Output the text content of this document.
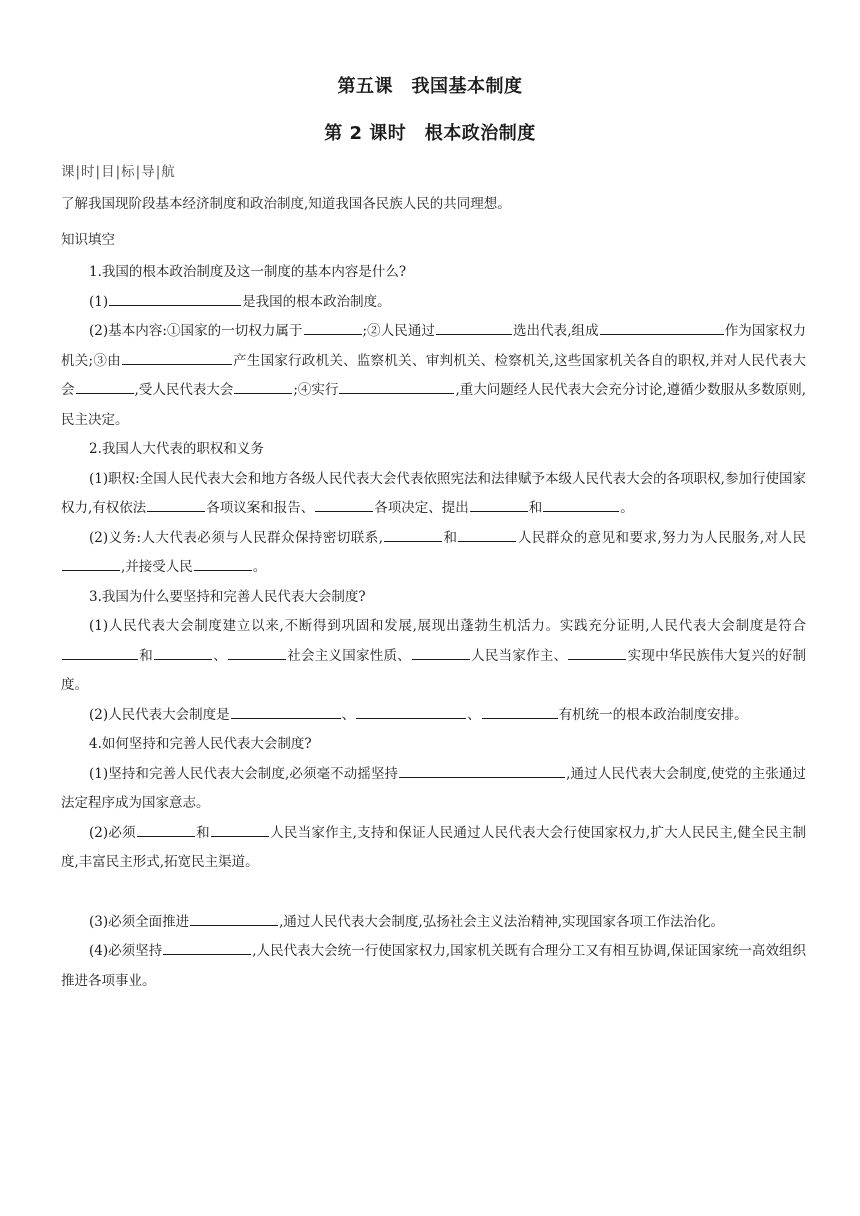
第五课　我国基本制度
第 2 课时　根本政治制度
课|时|目|标|导|航
了解我国现阶段基本经济制度和政治制度,知道我国各民族人民的共同理想。
知识填空

1.我国的根本政治制度及这一制度的基本内容是什么?

(1)	是我国的根本政治制度。

(2)基本内容:①国家的一切权力属于	;②人民通过	选出代表,组成	作为国家权力机关;③由	产生国家行政机关、监察机关、审判机关、检察机关,这些国家机关各自的职权,并对人民代表大会	,受人民代表大会	;④实行	,重大问题经人民代表大会充分讨论,遵循少数服从多数原则,民主决定。

2.我国人大代表的职权和义务

(1)职权:全国人民代表大会和地方各级人民代表大会代表依照宪法和法律赋予本级人民代表大会的各项职权,参加行使国家权力,有权依法	各项议案和报告、	各项决定、提出	和	。

(2)义务:人大代表必须与人民群众保持密切联系,	和	人民群众的意见和要求,努力为人民服务,对人民,并接受人民	。

3.我国为什么要坚持和完善人民代表大会制度?

(1)人民代表大会制度建立以来,不断得到巩固和发展,展现出蓬勃生机活力。实践充分证明,人民代表大会制度是符合和	、	社会主义国家性质、	人民当家作主、	实现中华民族伟大复兴的好制度。

(2)人民代表大会制度是	、	、	有机统一的根本政治制度安排。

4.如何坚持和完善人民代表大会制度?

(1)坚持和完善人民代表大会制度,必须毫不动摇坚持	,通过人民代表大会制度,使党的主张通过法定程序成为国家意志。

(2)必须	和	人民当家作主,支持和保证人民通过人民代表大会行使国家权力,扩大人民民主,健全民主制度,丰富民主形式,拓宽民主渠道。

(3)必须全面推进	,通过人民代表大会制度,弘扬社会主义法治精神,实现国家各项工作法治化。

(4)必须坚持	,人民代表大会统一行使国家权力,国家机关既有合理分工又有相互协调,保证国家统一高效组织推进各项事业。
